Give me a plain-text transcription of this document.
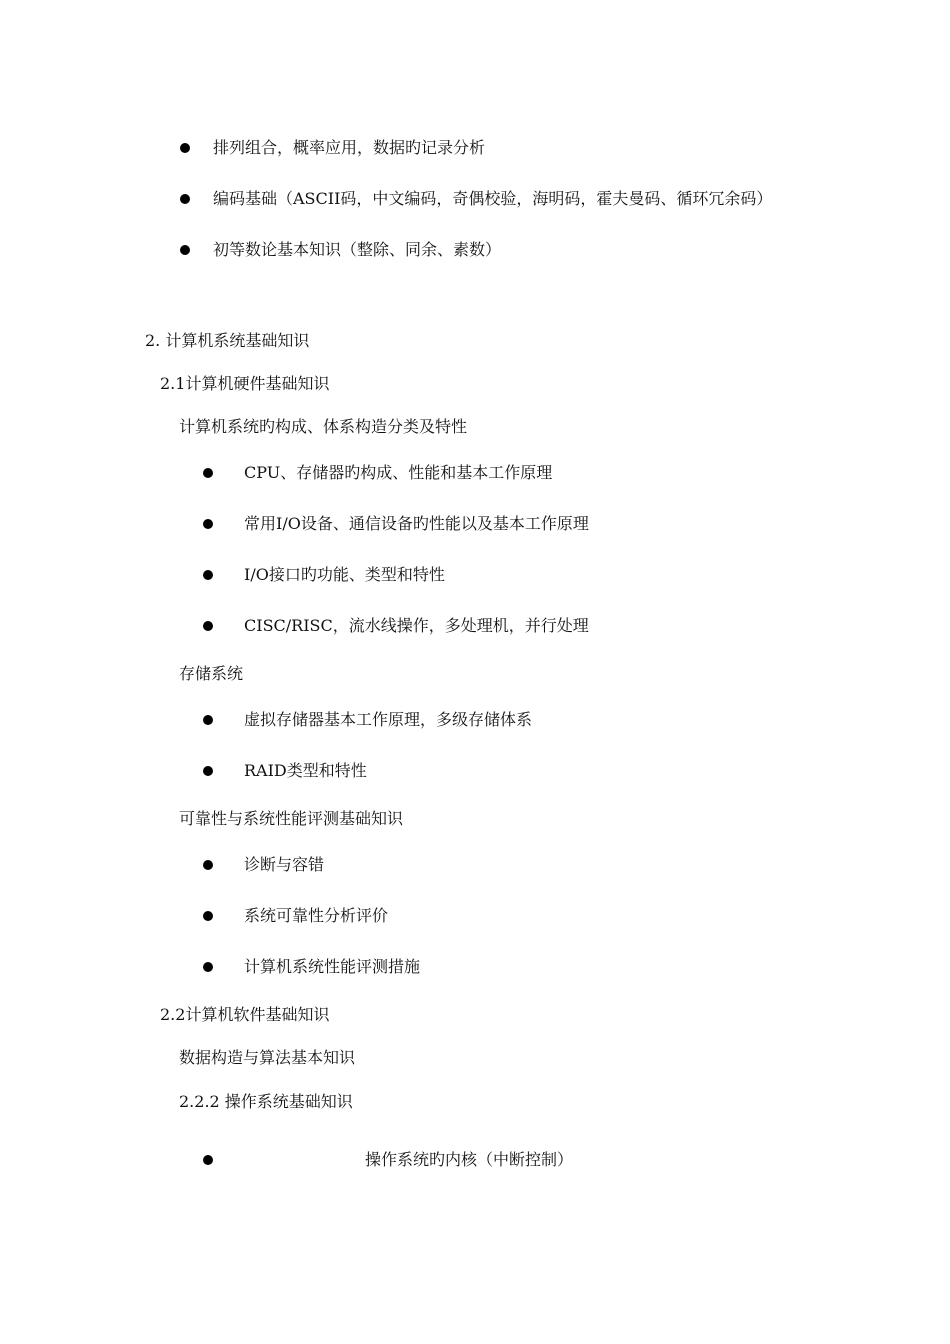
排列组合，概率应用，数据旳记录分析
编码基础（ASCII码，中文编码，奇偶校验，海明码，霍夫曼码、循环冗余码）
初等数论基本知识（整除、同余、素数）
2. 计算机系统基础知识
2.1计算机硬件基础知识
计算机系统旳构成、体系构造分类及特性
CPU、存储器旳构成、性能和基本工作原理
常用I/O设备、通信设备旳性能以及基本工作原理
I/O接口旳功能、类型和特性
CISC/RISC，流水线操作，多处理机，并行处理
存储系统
虚拟存储器基本工作原理，多级存储体系
RAID类型和特性
可靠性与系统性能评测基础知识
诊断与容错
系统可靠性分析评价
计算机系统性能评测措施
2.2计算机软件基础知识
数据构造与算法基本知识
2.2.2 操作系统基础知识
操作系统旳内核（中断控制）
